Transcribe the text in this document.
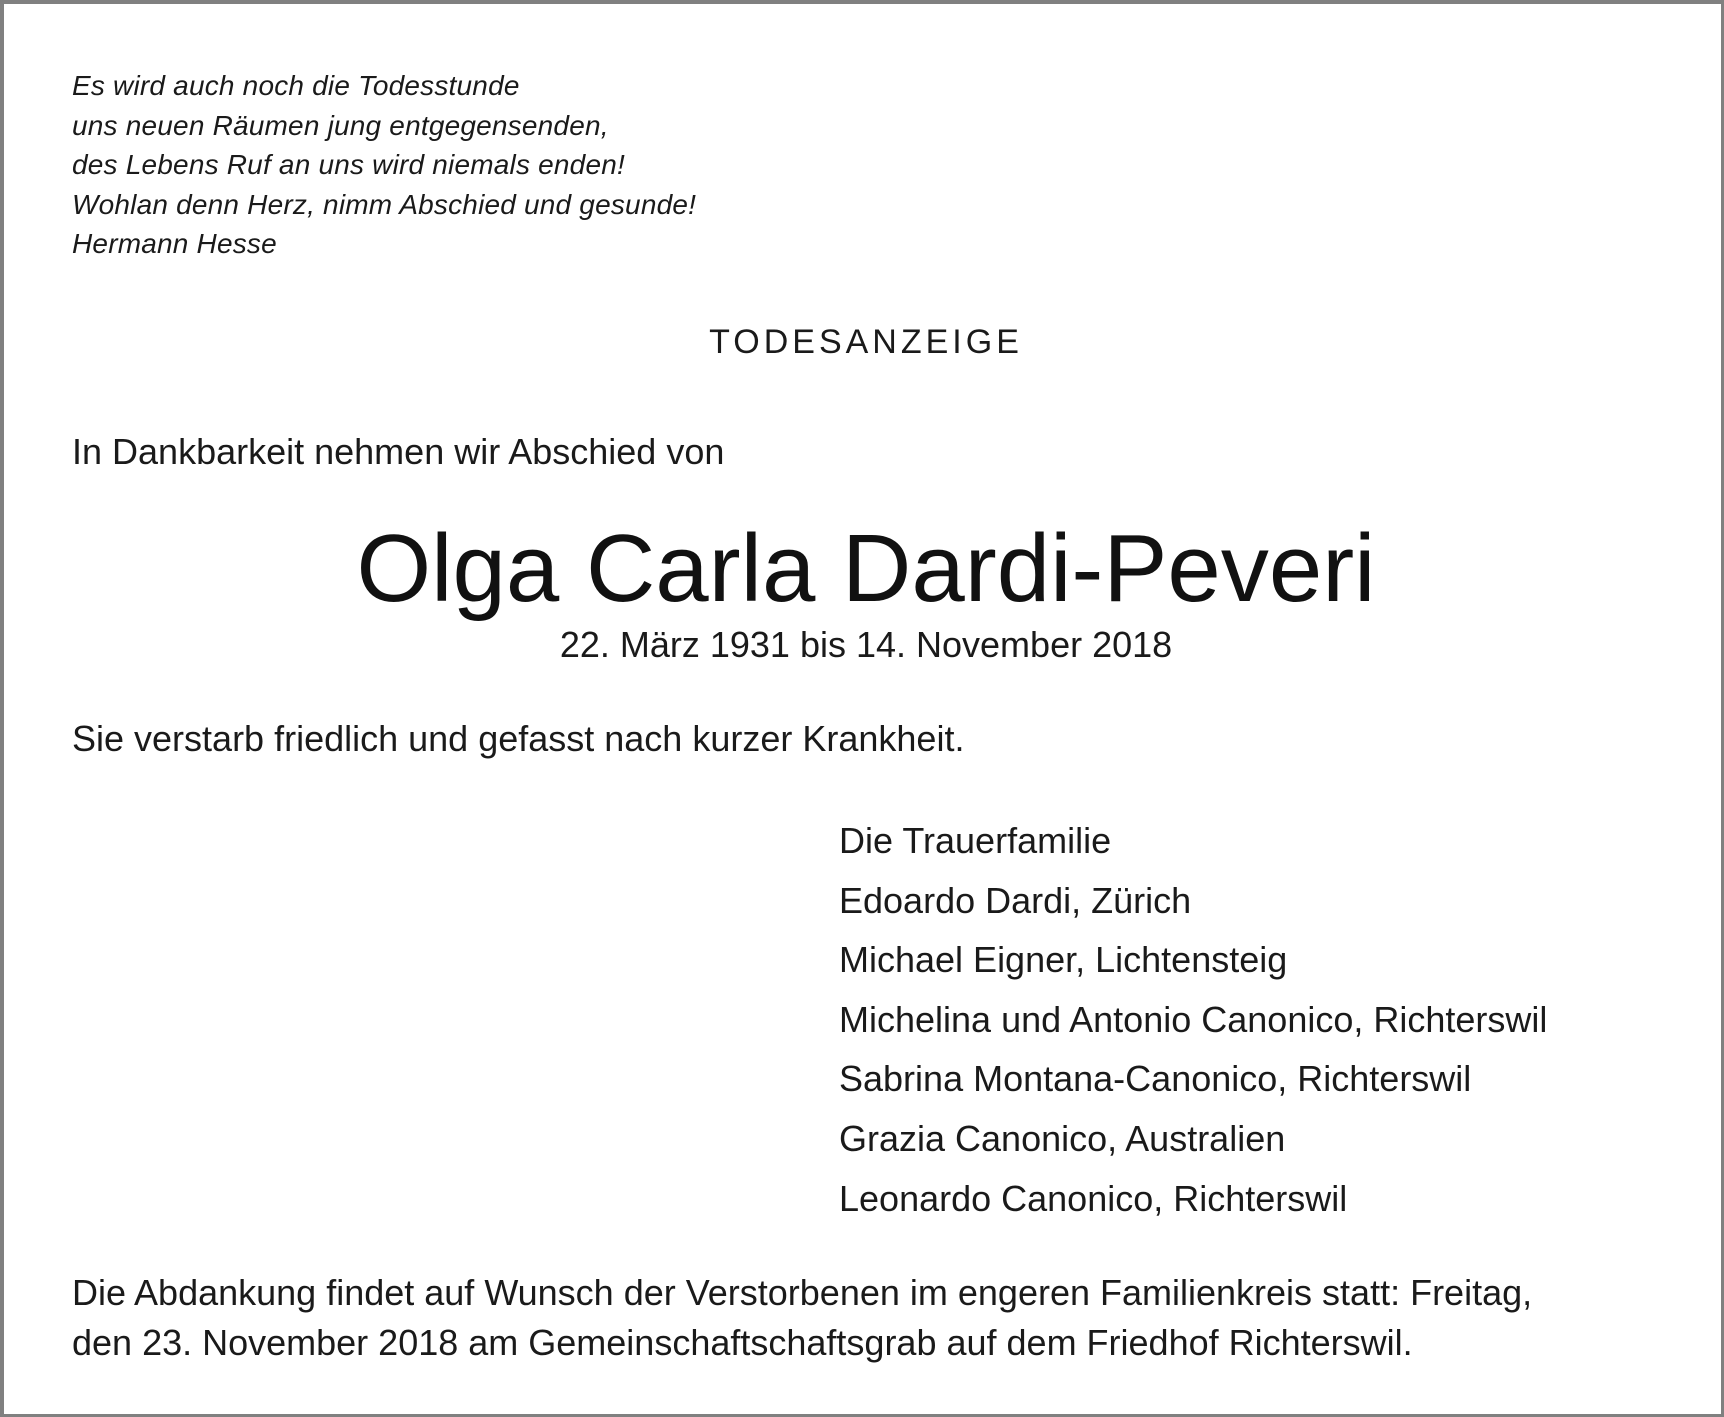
Es wird auch noch die Todesstunde
uns neuen Räumen jung entgegensenden,
des Lebens Ruf an uns wird niemals enden!
Wohlan denn Herz, nimm Abschied und gesunde!
Hermann Hesse
TODESANZEIGE
In Dankbarkeit nehmen wir Abschied von
Olga Carla Dardi-Peveri
22. März 1931 bis 14. November 2018
Sie verstarb friedlich und gefasst nach kurzer Krankheit.
Die Trauerfamilie
Edoardo Dardi, Zürich
Michael Eigner, Lichtensteig
Michelina und Antonio Canonico, Richterswil
Sabrina Montana-Canonico, Richterswil
Grazia Canonico, Australien
Leonardo Canonico, Richterswil
Die Abdankung findet auf Wunsch der Verstorbenen im engeren Familienkreis statt: Freitag,
den 23. November 2018 am Gemeinschaftschaftsgrab auf dem Friedhof Richterswil.
